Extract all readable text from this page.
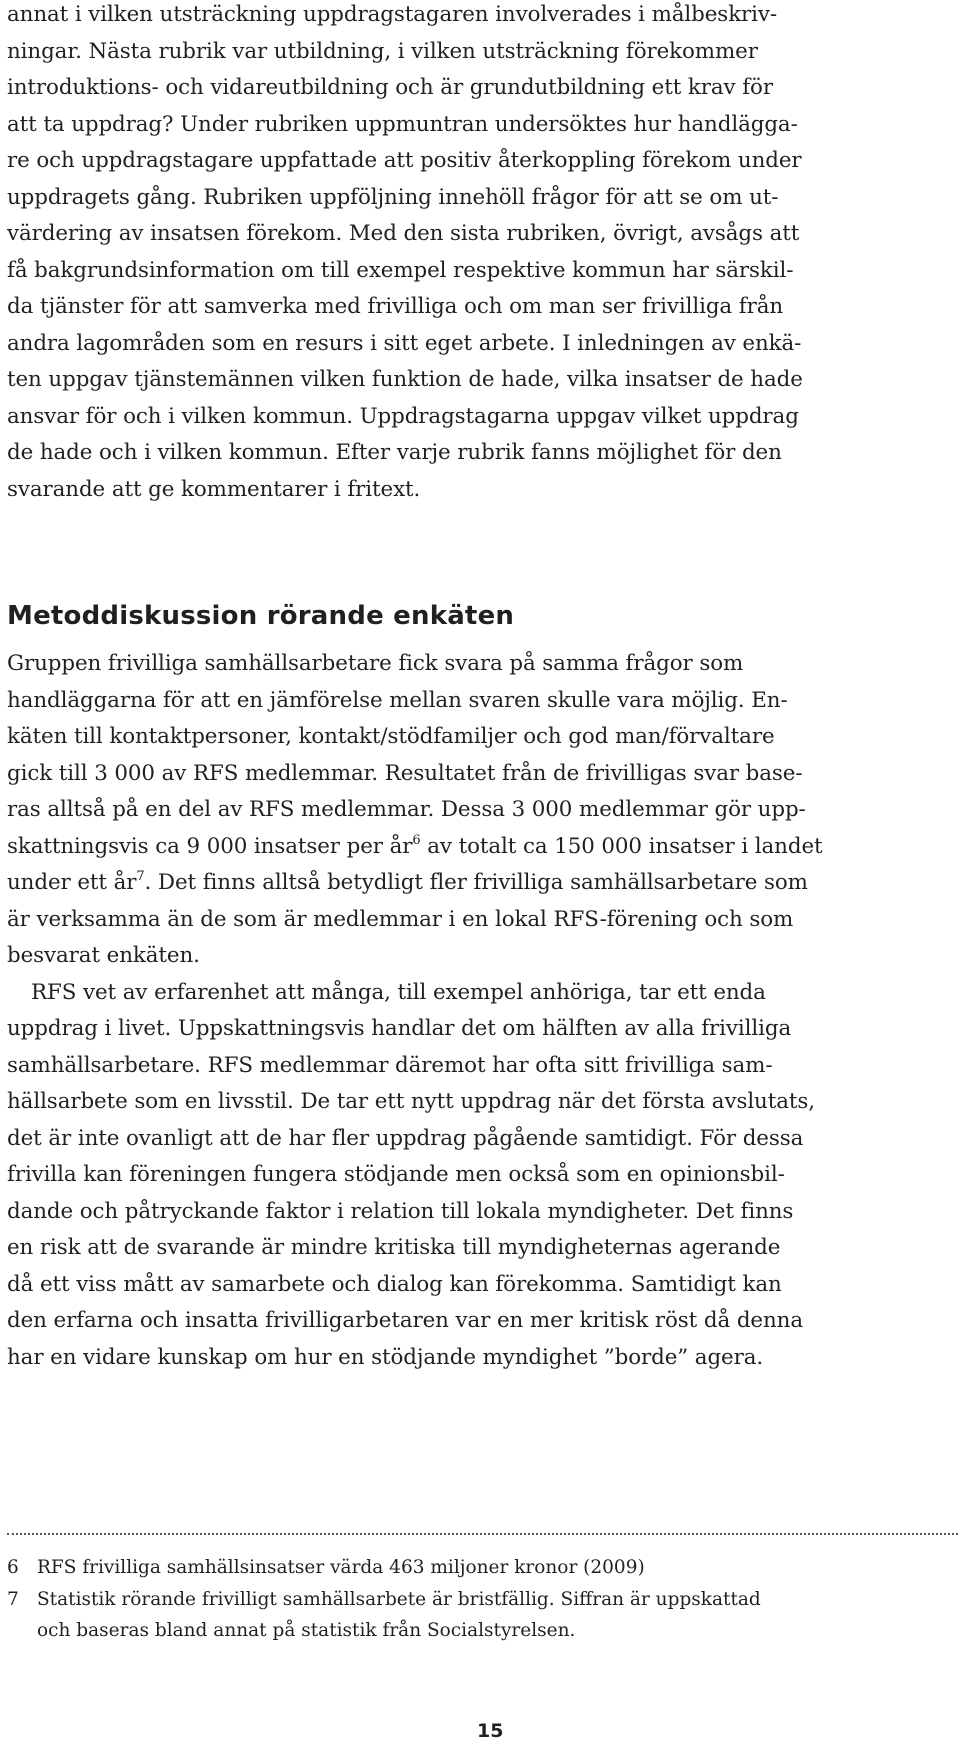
annat i vilken utsträckning uppdragstagaren involverades i målbeskriv-
ningar. Nästa rubrik var utbildning, i vilken utsträckning förekommer
introduktions- och vidareutbildning och är grundutbildning ett krav för
att ta uppdrag? Under rubriken uppmuntran undersöktes hur handlägga-
re och uppdragstagare uppfattade att positiv återkoppling förekom under
uppdragets gång. Rubriken uppföljning innehöll frågor för att se om ut-
värdering av insatsen förekom. Med den sista rubriken, övrigt, avsågs att
få bakgrundsinformation om till exempel respektive kommun har särskil-
da tjänster för att samverka med frivilliga och om man ser frivilliga från
andra lagområden som en resurs i sitt eget arbete. I inledningen av enkä-
ten uppgav tjänstemännen vilken funktion de hade, vilka insatser de hade
ansvar för och i vilken kommun. Uppdragstagarna uppgav vilket uppdrag
de hade och i vilken kommun. Efter varje rubrik fanns möjlighet för den
svarande att ge kommentarer i fritext.
Metoddiskussion rörande enkäten
Gruppen frivilliga samhällsarbetare fick svara på samma frågor som
handläggarna för att en jämförelse mellan svaren skulle vara möjlig. En-
käten till kontaktpersoner, kontakt/stödfamiljer och god man/förvaltare
gick till 3 000 av RFS medlemmar. Resultatet från de frivilligas svar base-
ras alltså på en del av RFS medlemmar. Dessa 3 000 medlemmar gör upp-
skattningsvis ca 9 000 insatser per $år^6$ av totalt ca 150 000 insatser i landet
under ett $år^7$. Det finns alltså betydligt fler frivilliga samhällsarbetare som
är verksamma än de som är medlemmar i en lokal RFS-förening och som
besvarat enkäten.
RFS vet av erfarenhet att många, till exempel anhöriga, tar ett enda
uppdrag i livet. Uppskattningsvis handlar det om hälften av alla frivilliga
samhällsarbetare. RFS medlemmar däremot har ofta sitt frivilliga sam-
hällsarbete som en livsstil. De tar ett nytt uppdrag när det första avslutats,
det är inte ovanligt att de har fler uppdrag pågående samtidigt. För dessa
frivilla kan föreningen fungera stödjande men också som en opinionsbil-
dande och påtryckande faktor i relation till lokala myndigheter. Det finns
en risk att de svarande är mindre kritiska till myndigheternas agerande
då ett viss mått av samarbete och dialog kan förekomma. Samtidigt kan
den erfarna och insatta frivilligarbetaren var en mer kritisk röst då denna
har en vidare kunskap om hur en stödjande myndighet ”borde” agera.
6 RFS frivilliga samhällsinsatser värda 463 miljoner kronor (2009)
7 Statistik rörande frivilligt samhällsarbete är bristfällig. Siffran är uppskattad
och baseras bland annat på statistik från Socialstyrelsen.
15
